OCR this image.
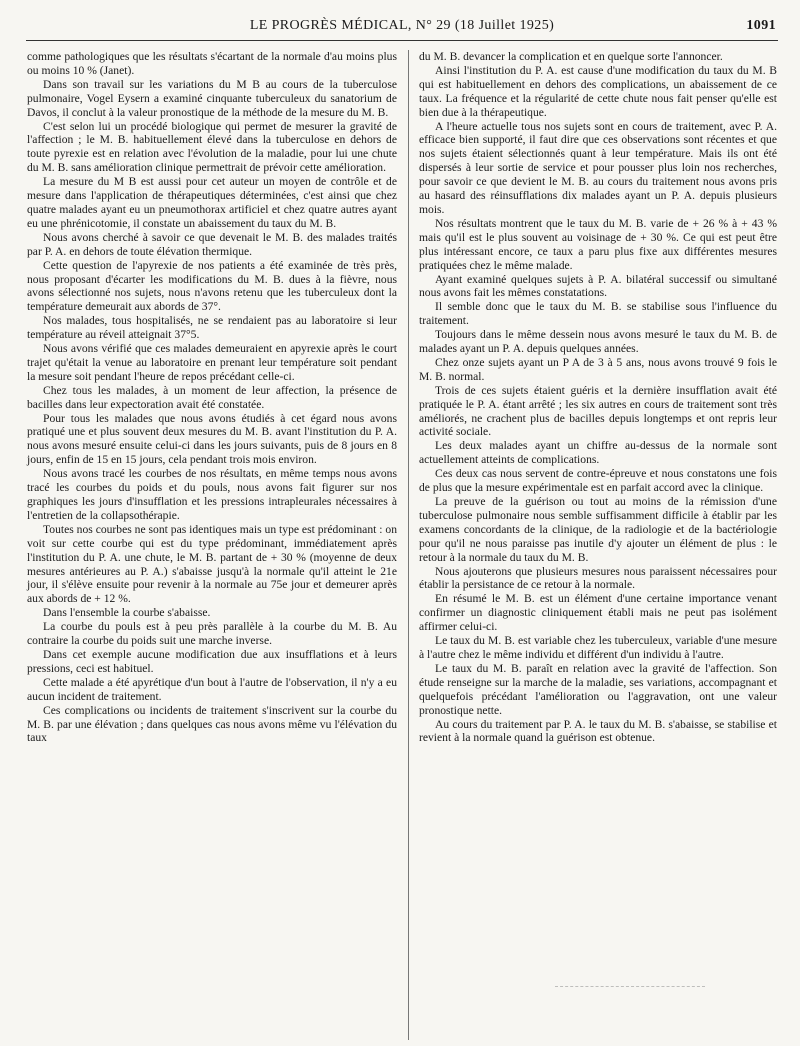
LE PROGRÈS MÉDICAL, N° 29 (18 Juillet 1925)	1091

comme pathologiques que les résultats s'écartant de la normale d'au moins plus ou moins 10 % (Janet).

Dans son travail sur les variations du M B au cours de la tuberculose pulmonaire, Vogel Eysern a examiné cinquante tuberculeux du sanatorium de Davos, il conclut à la valeur pronostique de la méthode de la mesure du M. B.

C'est selon lui un procédé biologique qui permet de mesurer la gravité de l'affection ; le M. B. habituellement élevé dans la tuberculose en dehors de toute pyrexie est en relation avec l'évolution de la maladie, pour lui une chute du M. B. sans amélioration clinique permettrait de prévoir cette amélioration.

La mesure du M B est aussi pour cet auteur un moyen de contrôle et de mesure dans l'application de thérapeutiques déterminées, c'est ainsi que chez quatre malades ayant eu un pneumothorax artificiel et chez quatre autres ayant eu une phrénicotomie, il constate un abaissement du taux du M. B.

Nous avons cherché à savoir ce que devenait le M. B. des malades traités par P. A. en dehors de toute élévation thermique.

Cette question de l'apyrexie de nos patients a été examinée de très près, nous proposant d'écarter les modifications du M. B. dues à la fièvre, nous avons sélectionné nos sujets, nous n'avons retenu que les tuberculeux dont la température demeurait aux abords de 37°.

Nos malades, tous hospitalisés, ne se rendaient pas au laboratoire si leur température au réveil atteignait 37°5.

Nous avons vérifié que ces malades demeuraient en apyrexie après le court trajet qu'était la venue au laboratoire en prenant leur température soit pendant la mesure soit pendant l'heure de repos précédant celle-ci.

Chez tous les malades, à un moment de leur affection, la présence de bacilles dans leur expectoration avait été constatée.

Pour tous les malades que nous avons étudiés à cet égard nous avons pratiqué une et plus souvent deux mesures du M. B. avant l'institution du P. A. nous avons mesuré ensuite celui-ci dans les jours suivants, puis de 8 jours en 8 jours, enfin de 15 en 15 jours, cela pendant trois mois environ.

Nous avons tracé les courbes de nos résultats, en même temps nous avons tracé les courbes du poids et du pouls, nous avons fait figurer sur nos graphiques les jours d'insufflation et les pressions intrapleurales nécessaires à l'entretien de la collapsothérapie.

Toutes nos courbes ne sont pas identiques mais un type est prédominant : on voit sur cette courbe qui est du type prédominant, immédiatement après l'institution du P. A. une chute, le M. B. partant de + 30 % (moyenne de deux mesures antérieures au P. A.) s'abaisse jusqu'à la normale qu'il atteint le 21e jour, il s'élève ensuite pour revenir à la normale au 75e jour et demeurer après aux abords de + 12 %.

Dans l'ensemble la courbe s'abaisse.

La courbe du pouls est à peu près parallèle à la courbe du M. B. Au contraire la courbe du poids suit une marche inverse.

Dans cet exemple aucune modification due aux insufflations et à leurs pressions, ceci est habituel.

Cette malade a été apyrétique d'un bout à l'autre de l'observation, il n'y a eu aucun incident de traitement.

Ces complications ou incidents de traitement s'inscrivent sur la courbe du M. B. par une élévation ; dans quelques cas nous avons même vu l'élévation du taux

du M. B. devancer la complication et en quelque sorte l'annoncer.

Ainsi l'institution du P. A. est cause d'une modification du taux du M. B qui est habituellement en dehors des complications, un abaissement de ce taux. La fréquence et la régularité de cette chute nous fait penser qu'elle est bien due à la thérapeutique.

A l'heure actuelle tous nos sujets sont en cours de traitement, avec P. A. efficace bien supporté, il faut dire que ces observations sont récentes et que nos sujets étaient sélectionnés quant à leur température. Mais ils ont été dispersés à leur sortie de service et pour pousser plus loin nos recherches, pour savoir ce que devient le M. B. au cours du traitement nous avons pris au hasard des réinsufflations dix malades ayant un P. A. depuis plusieurs mois.

Nos résultats montrent que le taux du M. B. varie de + 26 % à + 43 % mais qu'il est le plus souvent au voisinage de + 30 %. Ce qui est peut être plus intéressant encore, ce taux a paru plus fixe aux différentes mesures pratiquées chez le même malade.

Ayant examiné quelques sujets à P. A. bilatéral successif ou simultané nous avons fait les mêmes constatations.

Il semble donc que le taux du M. B. se stabilise sous l'influence du traitement.

Toujours dans le même dessein nous avons mesuré le taux du M. B. de malades ayant un P. A. depuis quelques années.

Chez onze sujets ayant un P A de 3 à 5 ans, nous avons trouvé 9 fois le M. B. normal.

Trois de ces sujets étaient guéris et la dernière insufflation avait été pratiquée le P. A. étant arrêté ; les six autres en cours de traitement sont très améliorés, ne crachent plus de bacilles depuis longtemps et ont repris leur activité sociale.

Les deux malades ayant un chiffre au-dessus de la normale sont actuellement atteints de complications.

Ces deux cas nous servent de contre-épreuve et nous constatons une fois de plus que la mesure expérimentale est en parfait accord avec la clinique.

La preuve de la guérison ou tout au moins de la rémission d'une tuberculose pulmonaire nous semble suffisamment difficile à établir par les examens concordants de la clinique, de la radiologie et de la bactériologie pour qu'il ne nous paraisse pas inutile d'y ajouter un élément de plus : le retour à la normale du taux du M. B.

Nous ajouterons que plusieurs mesures nous paraissent nécessaires pour établir la persistance de ce retour à la normale.

En résumé le M. B. est un élément d'une certaine importance venant confirmer un diagnostic cliniquement établi mais ne peut pas isolément affirmer celui-ci.

Le taux du M. B. est variable chez les tuberculeux, variable d'une mesure à l'autre chez le même individu et différent d'un individu à l'autre.

Le taux du M. B. paraît en relation avec la gravité de l'affection. Son étude renseigne sur la marche de la maladie, ses variations, accompagnant et quelquefois précédant l'amélioration ou l'aggravation, ont une valeur pronostique nette.

Au cours du traitement par P. A. le taux du M. B. s'abaisse, se stabilise et revient à la normale quand la guérison est obtenue.
